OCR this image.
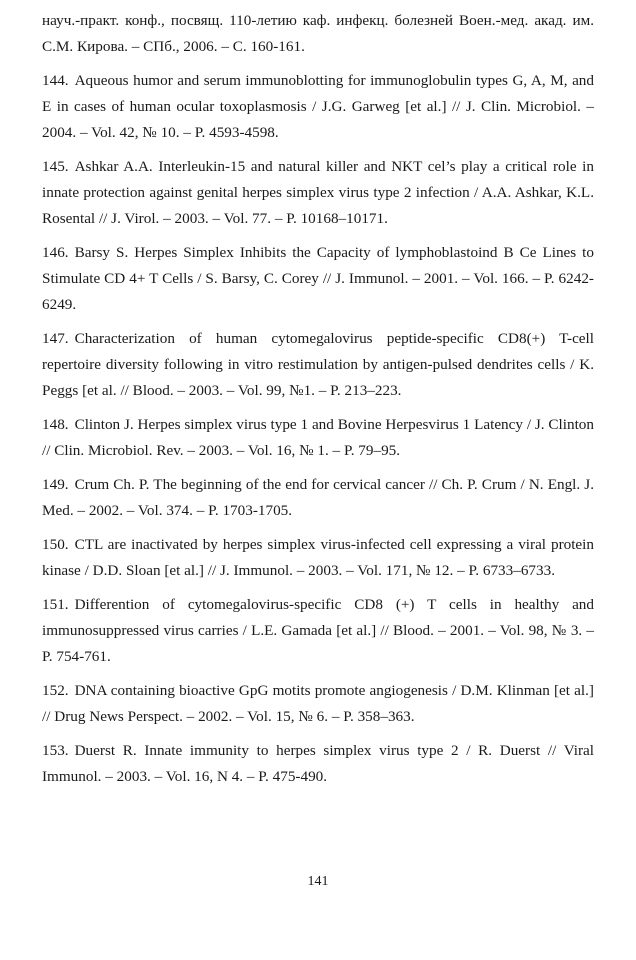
науч.-практ. конф., посвящ. 110-летию каф. инфекц. болезней Воен.-мед. акад. им. С.М. Кирова. – СПб., 2006. – С. 160-161.

144. Aqueous humor and serum immunoblotting for immunoglobulin types G, A, M, and E in cases of human ocular toxoplasmosis / J.G. Garweg [et al.] // J. Clin. Microbiol. – 2004. – Vol. 42, № 10. – P. 4593-4598.

145. Ashkar A.A. Interleukin-15 and natural killer and NKT cel’s play a critical role in innate protection against genital herpes simplex virus type 2 infection / A.A. Ashkar, K.L. Rosental // J. Virol. – 2003. – Vol. 77. – P. 10168–10171.

146. Barsy S. Herpes Simplex Inhibits the Capacity of lymphoblastoind B Ce Lines to Stimulate CD 4+ T Cells / S. Barsy, C. Corey // J. Immunol. – 2001. – Vol. 166. – P. 6242-6249.

147. Characterization of human cytomegalovirus peptide-specific CD8(+) T-cell repertoire diversity following in vitro restimulation by antigen-pulsed dendrites cells / K. Peggs [et al. // Blood. – 2003. – Vol. 99, №1. – P. 213–223.

148. Clinton J. Herpes simplex virus type 1 and Bovine Herpesvirus 1 Latency / J. Clinton // Clin. Microbiol. Rev. – 2003. – Vol. 16, № 1. – P. 79–95.

149. Crum Ch. P. The beginning of the end for cervical cancer // Ch. P. Crum / N. Engl. J. Med. – 2002. – Vol. 374. – P. 1703-1705.

150. CTL are inactivated by herpes simplex virus-infected cell expressing a viral protein kinase / D.D. Sloan [et al.] // J. Immunol. – 2003. – Vol. 171, № 12. – P. 6733–6733.

151. Differention of cytomegalovirus-specific CD8 (+) T cells in healthy and immunosuppressed virus carries / L.E. Gamada [et al.] // Blood. – 2001. – Vol. 98, № 3. – P. 754-761.

152. DNA containing bioactive GpG motits promote angiogenesis / D.M. Klinman [et al.] // Drug News Perspect. – 2002. – Vol. 15, № 6. – P. 358–363.

153. Duerst R. Innate immunity to herpes simplex virus type 2 / R. Duerst // Viral Immunol. – 2003. – Vol. 16, N 4. – P. 475-490.

141
